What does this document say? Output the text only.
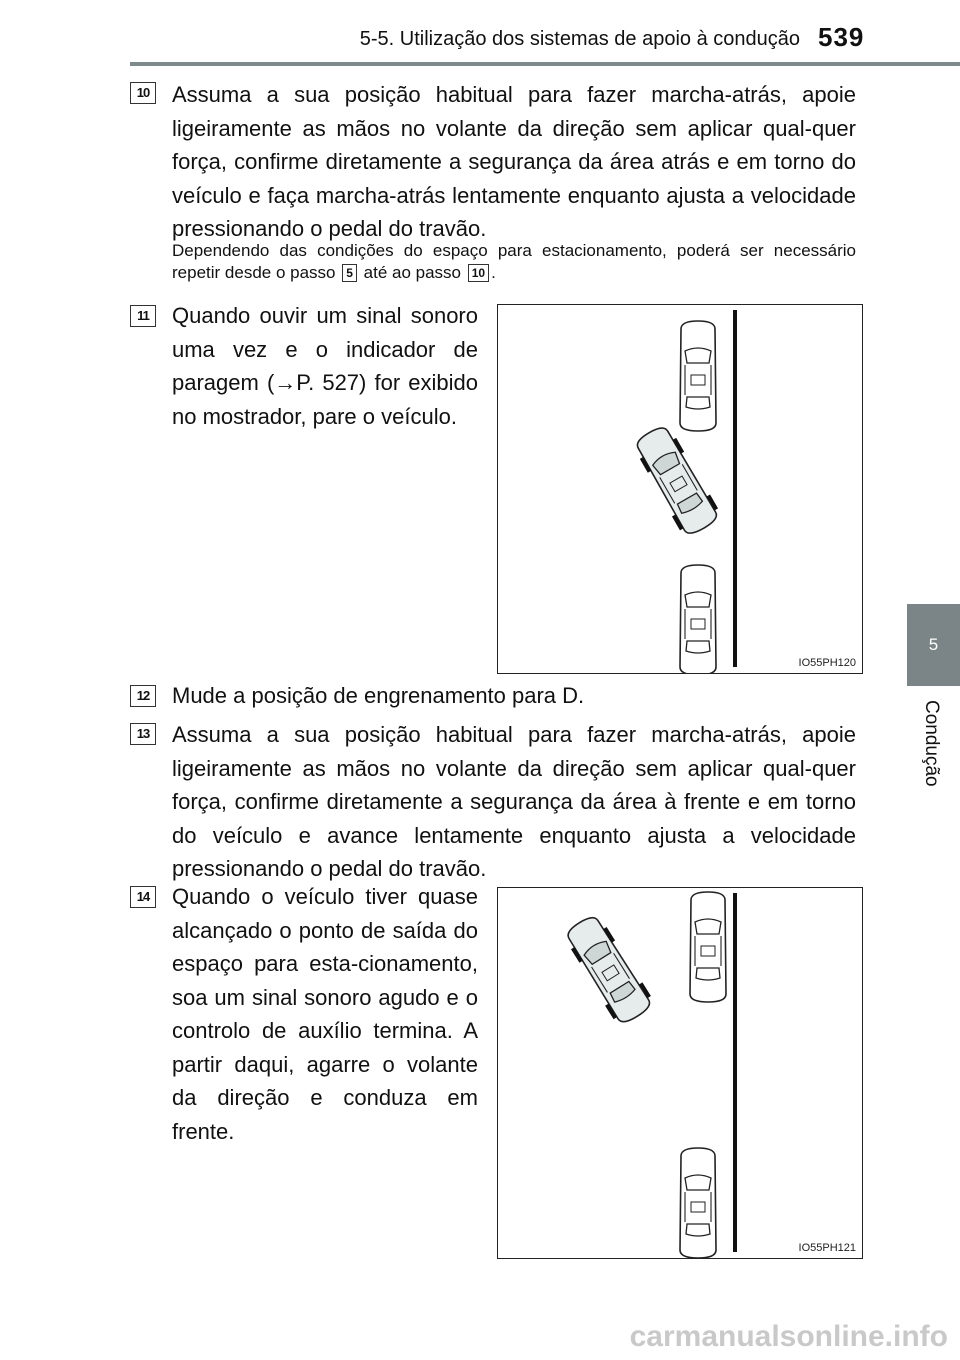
5-5. Utilização dos sistemas de apoio à condução 539
5
Condução
10	Assuma a sua posição habitual para fazer marcha-atrás, apoie ligeiramente as mãos no volante da direção sem aplicar qual-quer força, confirme diretamente a segurança da área atrás e em torno do veículo e faça marcha-atrás lentamente enquanto ajusta a velocidade pressionando o pedal do travão.
Dependendo das condições do espaço para estacionamento, poderá ser necessário repetir desde o passo 5 até ao passo 10 .
11	Quando ouvir um sinal sonoro uma vez e o indicador de paragem (→P. 527) for exibido no mostrador, pare o veículo.
IO55PH120
12	Mude a posição de engrenamento para D.
13	Assuma a sua posição habitual para fazer marcha-atrás, apoie ligeiramente as mãos no volante da direção sem aplicar qual-quer força, confirme diretamente a segurança da área à frente e em torno do veículo e avance lentamente enquanto ajusta a velocidade pressionando o pedal do travão.
14	Quando o veículo tiver quase alcançado o ponto de saída do espaço para esta-cionamento, soa um sinal sonoro agudo e o controlo de auxílio termina. A partir daqui, agarre o volante da direção e conduza em frente.
IO55PH121
carmanualsonline.info
